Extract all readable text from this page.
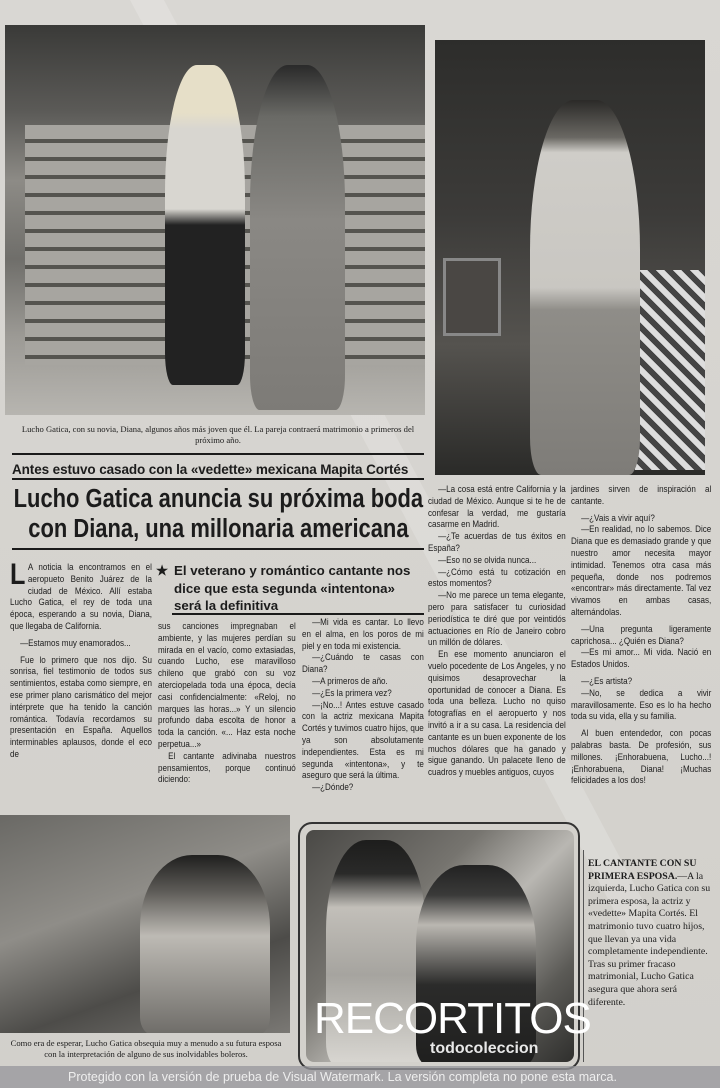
Lucho Gatica, con su novia, Diana, algunos años más joven que él. La pareja contraerá matrimonio a primeros del próximo año.
Antes estuvo casado con la «vedette» mexicana Mapita Cortés
Lucho Gatica anuncia su próxima boda con Diana, una millonaria americana

L A noticia la encontramos en el aeropueto Benito Juárez de la ciudad de México. Allí estaba Lucho Gatica, el rey de toda una época, esperando a su novia, Diana, que llegaba de California.

—Estamos muy enamorados...

Fue lo primero que nos dijo. Su sonrisa, fiel testimonio de todos sus sentimientos, estaba como siempre, en ese primer plano carismático del mejor intérprete que ha tenido la canción romántica. Todavía recordamos su presentación en España. Aquellos interminables aplausos, donde el eco de

★ El veterano y romántico cantante nos dice que esta segunda «intentona» será la definitiva

sus canciones impregnaban el ambiente, y las mujeres perdían su mirada en el vacío, como extasiadas, cuando Lucho, ese maravilloso chileno que grabó con su voz aterciopelada toda una época, decía casi confidencialmente: «Reloj, no marques las horas...» Y un silencio profundo daba escolta de honor a toda la canción. «... Haz esta noche perpetua...»

El cantante adivinaba nuestros pensamientos, porque continuó diciendo:

—Mi vida es cantar. Lo llevo en el alma, en los poros de mi piel y en toda mi existencia.

—¿Cuándo te casas con Diana?

—A primeros de año.

—¿Es la primera vez?

—¡No...! Antes estuve casado con la actriz mexicana Mapita Cortés y tuvimos cuatro hijos, que ya son absolutamente independientes. Esta es mi segunda «intentona», y te aseguro que será la última.

—¿Dónde?

—La cosa está entre California y la ciudad de México. Aunque si te he de confesar la verdad, me gustaría casarme en Madrid.

—¿Te acuerdas de tus éxitos en España?

—Eso no se olvida nunca...

—¿Cómo está tu cotización en estos momentos?

—No me parece un tema elegante, pero para satisfacer tu curiosidad periodística te diré que por veintidós actuaciones en Río de Janeiro cobro un millón de dólares.

En ese momento anunciaron el vuelo pocedente de Los Angeles, y no quisimos desaprovechar la oportunidad de conocer a Diana. Es toda una belleza. Lucho no quiso fotografías en el aeropuerto y nos invitó a ir a su casa. La residencia del cantante es un buen exponente de los muchos dólares que ha ganado y sigue ganando. Un palacete lleno de cuadros y muebles antiguos, cuyos

jardines sirven de inspiración al cantante.

—¿Vais a vivir aquí?

—En realidad, no lo sabemos. Dice Diana que es demasiado grande y que nuestro amor necesita mayor intimidad. Tenemos otra casa más pequeña, donde nos podremos «encontrar» más directamente. Tal vez vivamos en ambas casas, alternándolas.

—Una pregunta ligeramente caprichosa... ¿Quién es Diana?

—Es mi amor... Mi vida. Nació en Estados Unidos.

—¿Es artista?

—No, se dedica a vivir maravillosamente. Eso es lo ha hecho toda su vida, ella y su familia.

Al buen entendedor, con pocas palabras basta. De profesión, sus millones. ¡Enhorabuena, Lucho...! ¡Enhorabuena, Diana! ¡Muchas felicidades a los dos!

Como era de esperar, Lucho Gatica obsequia muy a menudo a su futura esposa con la interpretación de alguno de sus inolvidables boleros.
EL CANTANTE CON SU PRIMERA ESPOSA.—A la izquierda, Lucho Gatica con su primera esposa, la actriz y «vedette» Mapita Cortés. El matrimonio tuvo cuatro hijos, que llevan ya una vida completamente independiente. Tras su primer fracaso matrimonial, Lucho Gatica asegura que ahora será diferente.
RECORTITOS
todocoleccion
Protegido con la versión de prueba de Visual Watermark. La versión completa no pone esta marca.
